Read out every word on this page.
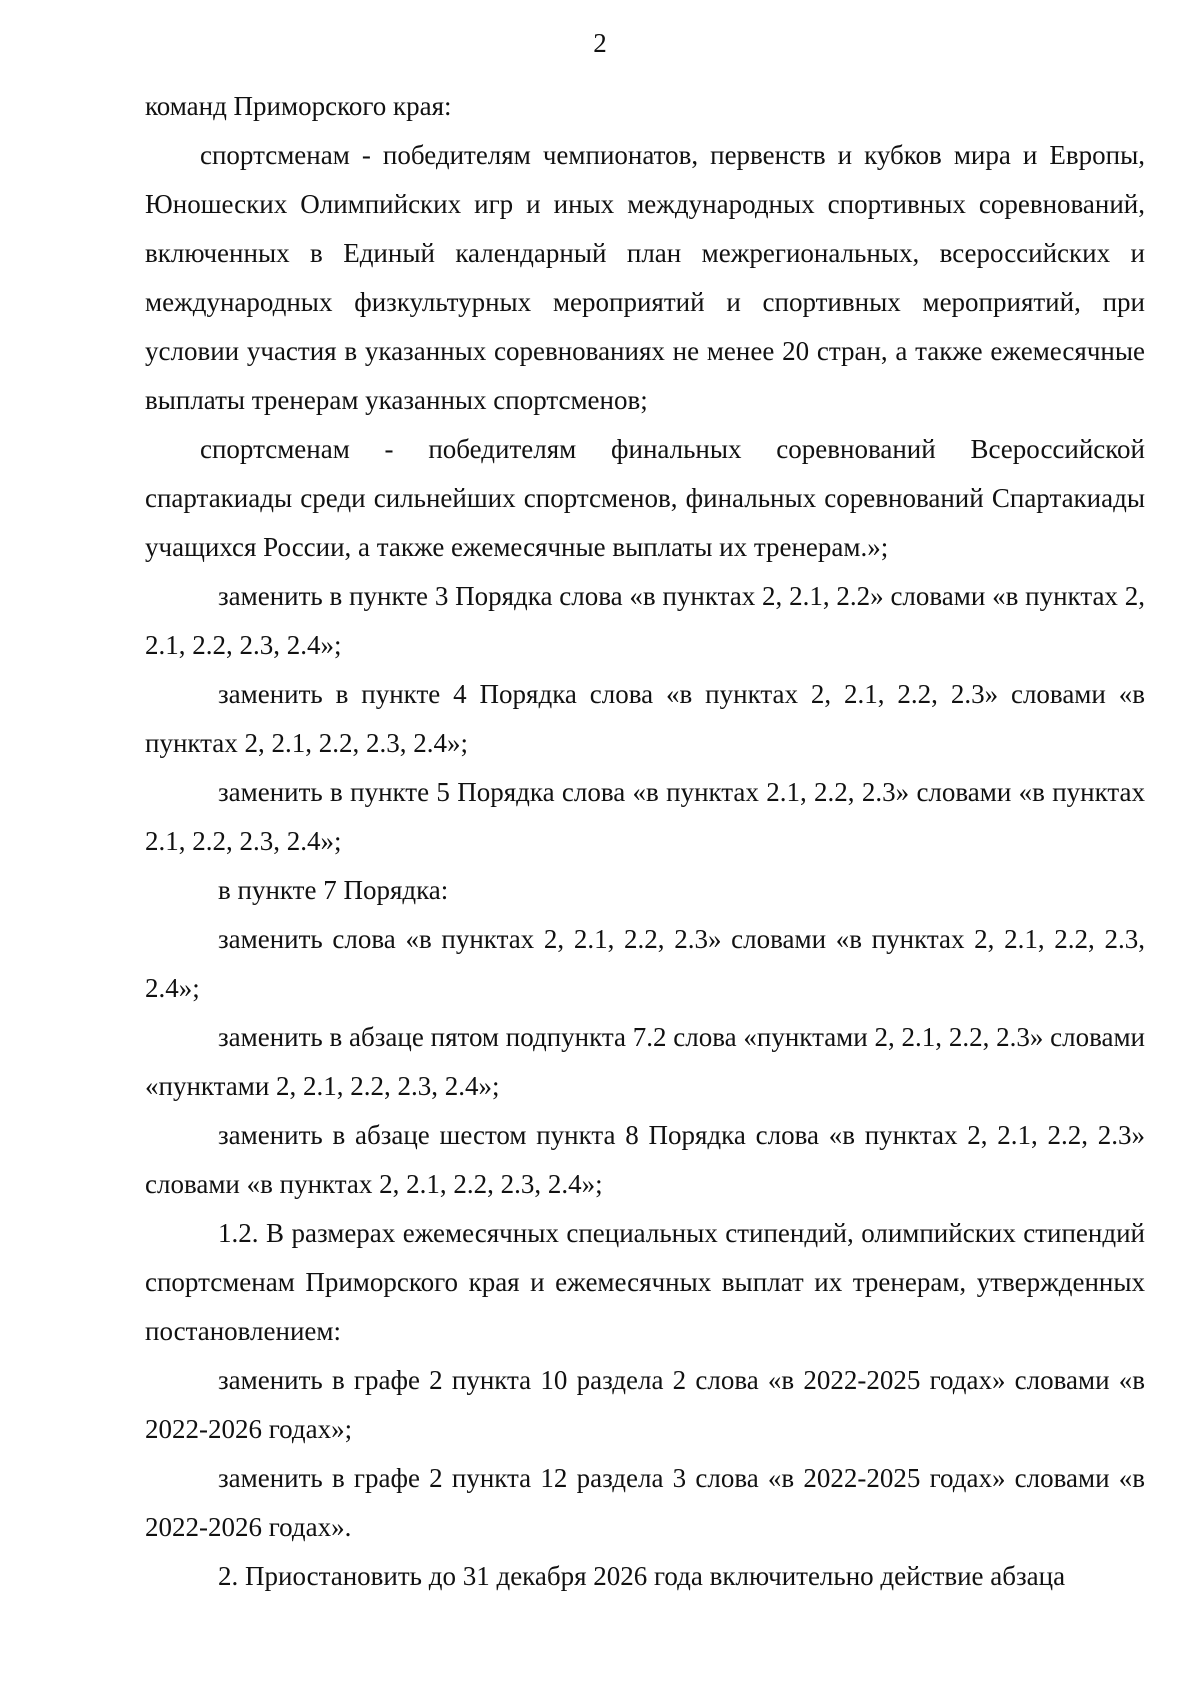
2

команд Приморского края:

спортсменам - победителям чемпионатов, первенств и кубков мира и Европы, Юношеских Олимпийских игр и иных международных спортивных соревнований, включенных в Единый календарный план межрегиональных, всероссийских и международных физкультурных мероприятий и спортивных мероприятий, при условии участия в указанных соревнованиях не менее 20 стран, а также ежемесячные выплаты тренерам указанных спортсменов;

спортсменам - победителям финальных соревнований Всероссийской спартакиады среди сильнейших спортсменов, финальных соревнований Спартакиады учащихся России, а также ежемесячные выплаты их тренерам.»;

заменить в пункте 3 Порядка слова «в пунктах 2, 2.1, 2.2» словами «в пунктах 2, 2.1, 2.2, 2.3, 2.4»;

заменить в пункте 4 Порядка слова «в пунктах 2, 2.1, 2.2, 2.3» словами «в пунктах 2, 2.1, 2.2, 2.3, 2.4»;

заменить в пункте 5 Порядка слова «в пунктах 2.1, 2.2, 2.3» словами «в пунктах 2.1, 2.2, 2.3, 2.4»;

в пункте 7 Порядка:

заменить слова «в пунктах 2, 2.1, 2.2, 2.3» словами «в пунктах 2, 2.1, 2.2, 2.3, 2.4»;

заменить в абзаце пятом подпункта 7.2 слова «пунктами 2, 2.1, 2.2, 2.3» словами «пунктами 2, 2.1, 2.2, 2.3, 2.4»;

заменить в абзаце шестом пункта 8 Порядка слова «в пунктах 2, 2.1, 2.2, 2.3» словами «в пунктах 2, 2.1, 2.2, 2.3, 2.4»;

1.2. В размерах ежемесячных специальных стипендий, олимпийских стипендий спортсменам Приморского края и ежемесячных выплат их тренерам, утвержденных постановлением:

заменить в графе 2 пункта 10 раздела 2 слова «в 2022-2025 годах» словами «в 2022-2026 годах»;

заменить в графе 2 пункта 12 раздела 3 слова «в 2022-2025 годах» словами «в 2022-2026 годах».

2. Приостановить до 31 декабря 2026 года включительно действие абзаца
